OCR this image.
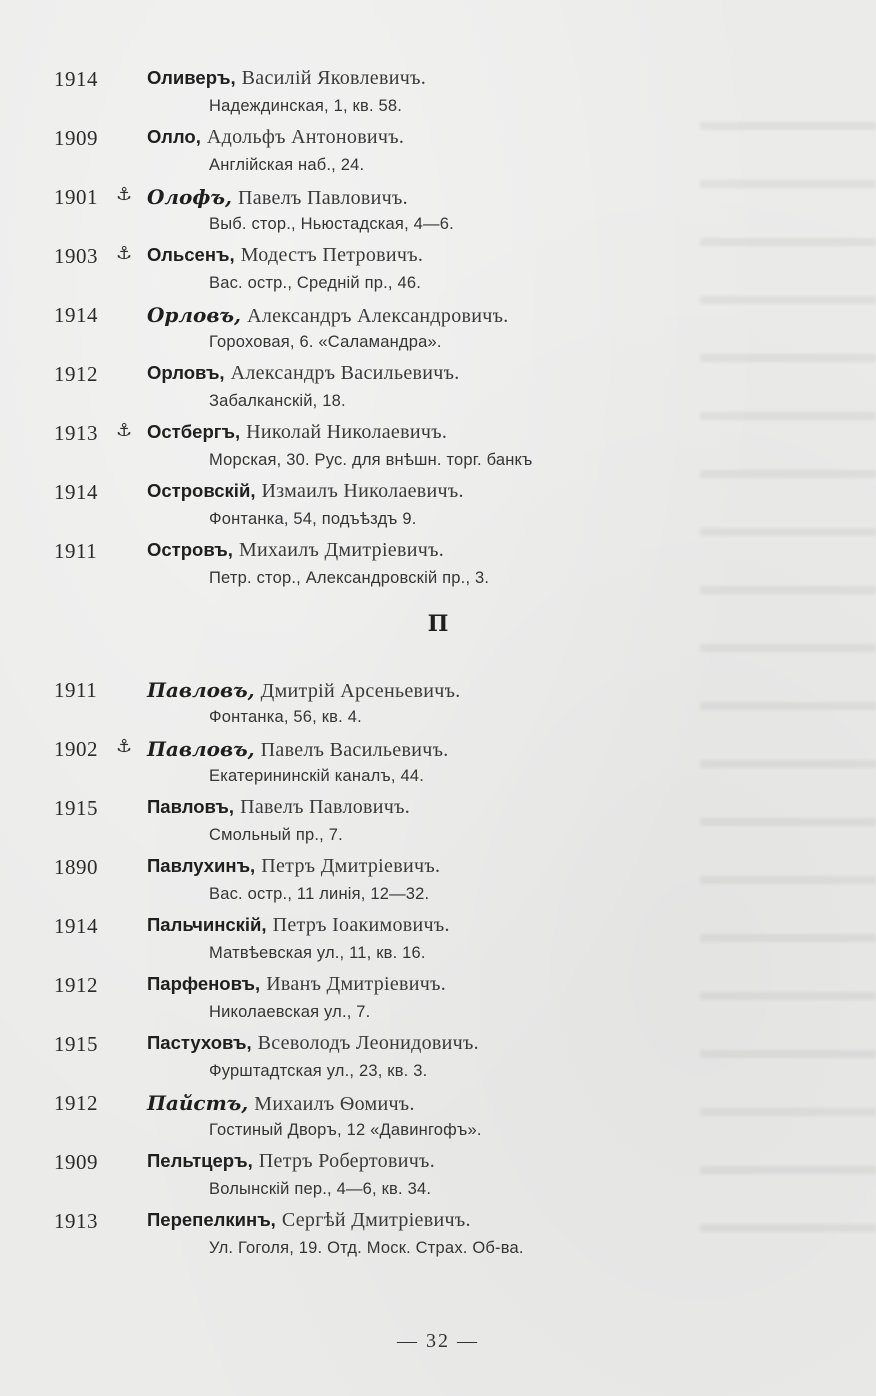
1914	Оливеръ, Василій Яковлевичъ.
Надеждинская, 1, кв. 58.
1909	Олло, Адольфъ Антоновичъ.
Англійская наб., 24.
1901 ⚓ Олофъ, Павелъ Павловичъ.
Выб. стор., Ньюстадская, 4—6.
1903 ⚓ Ольсенъ, Модестъ Петровичъ.
Вас. остр., Средній пр., 46.
1914 Орловъ, Александръ Александровичъ.
Гороховая, 6. «Саламандра».
1912	Орловъ, Александръ Васильевичъ.
Забалканскій, 18.
1913 ⚓ Остбергъ, Николай Николаевичъ.
Морская, 30. Рус. для внѣшн. торг. банкъ
1914	Островскій, Измаилъ Николаевичъ.
Фонтанка, 54, подъѣздъ 9.
1911	Островъ, Михаилъ Дмитріевичъ.
Петр. стор., Александровскій пр., 3.
П
1911 Павловъ, Дмитрій Арсеньевичъ.
Фонтанка, 56, кв. 4.
1902 ⚓ Павловъ, Павелъ Васильевичъ.
Екатерининскій каналъ, 44.
1915	Павловъ, Павелъ Павловичъ.
Смольный пр., 7.
1890	Павлухинъ, Петръ Дмитріевичъ.
Вас. остр., 11 линія, 12—32.
1914	Пальчинскій, Петръ Іоакимовичъ.
Матвѣевская ул., 11, кв. 16.
1912	Парфеновъ, Иванъ Дмитріевичъ.
Николаевская ул., 7.
1915	Пастуховъ, Всеволодъ Леонидовичъ.
Фурштадтская ул., 23, кв. 3.
1912 Пайстъ, Михаилъ Ѳомичъ.
Гостиный Дворъ, 12 «Давингофъ».
1909	Пельтцеръ, Петръ Робертовичъ.
Волынскій пер., 4—6, кв. 34.
1913	Перепелкинъ, Сергѣй Дмитріевичъ.
Ул. Гоголя, 19. Отд. Моск. Страх. Об-ва.
— 32 —
